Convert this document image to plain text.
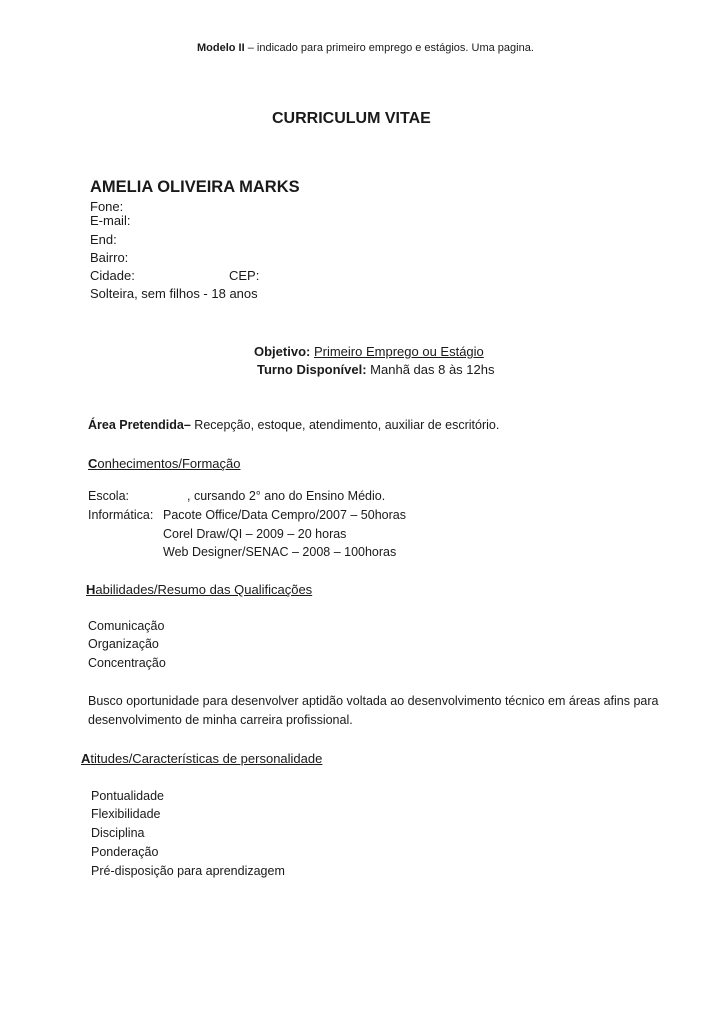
Modelo II – indicado para primeiro emprego e estágios. Uma pagina.
CURRICULUM VITAE
AMELIA OLIVEIRA MARKS
Fone:
E-mail:
End:
Bairro:
Cidade:	CEP:
Solteira, sem filhos - 18 anos
Objetivo: Primeiro Emprego ou Estágio
Turno Disponível: Manhã das 8 às 12hs
Área Pretendida– Recepção, estoque, atendimento, auxiliar de escritório.
Conhecimentos/Formação
Escola:	, cursando 2° ano do Ensino Médio.
Informática: Pacote Office/Data Cempro/2007 – 50horas
Corel Draw/QI – 2009 – 20 horas
Web Designer/SENAC – 2008 – 100horas
Habilidades/Resumo das Qualificações
Comunicação
Organização
Concentração
Busco oportunidade para desenvolver aptidão voltada ao desenvolvimento técnico em áreas afins para
desenvolvimento de minha carreira profissional.
Atitudes/Características de personalidade
Pontualidade
Flexibilidade
Disciplina
Ponderação
Pré-disposição para aprendizagem
